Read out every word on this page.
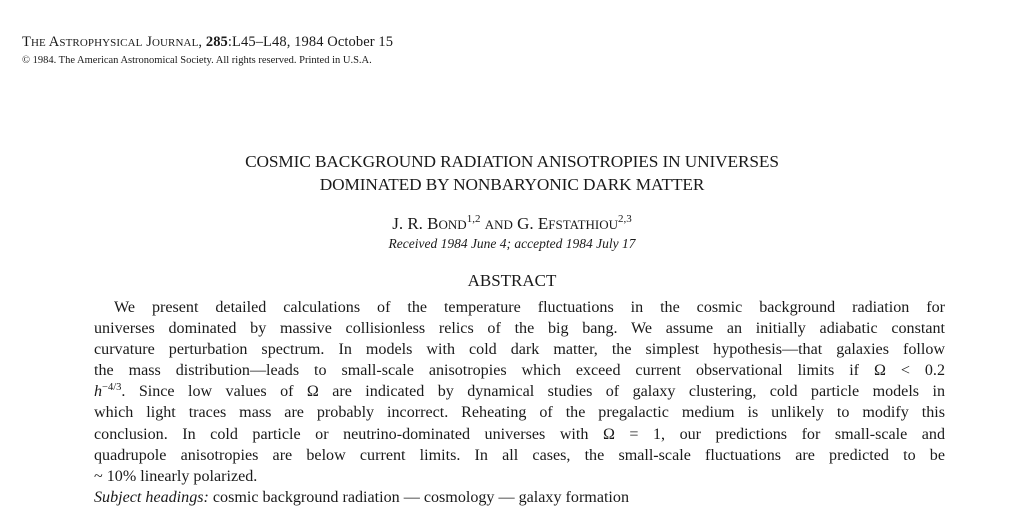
THE ASTROPHYSICAL JOURNAL, 285:L45–L48, 1984 October 15
© 1984. The American Astronomical Society. All rights reserved. Printed in U.S.A.
COSMIC BACKGROUND RADIATION ANISOTROPIES IN UNIVERSES
DOMINATED BY NONBARYONIC DARK MATTER
J. R. BOND$^{1,2}$ AND G. EFSTATHIOU$^{2,3}$
Received 1984 June 4; accepted 1984 July 17
ABSTRACT
We present detailed calculations of the temperature fluctuations in the cosmic background radiation for
universes dominated by massive collisionless relics of the big bang. We assume an initially adiabatic constant
curvature perturbation spectrum. In models with cold dark matter, the simplest hypothesis—that galaxies follow
the mass distribution—leads to small-scale anisotropies which exceed current observational limits if Ω < 0.2
$h^{-4/3}$. Since low values of Ω are indicated by dynamical studies of galaxy clustering, cold particle models in
which light traces mass are probably incorrect. Reheating of the pregalactic medium is unlikely to modify this
conclusion. In cold particle or neutrino-dominated universes with Ω = 1, our predictions for small-scale and
quadrupole anisotropies are below current limits. In all cases, the small-scale fluctuations are predicted to be
~ 10% linearly polarized.
Subject headings: cosmic background radiation — cosmology — galaxy formation
